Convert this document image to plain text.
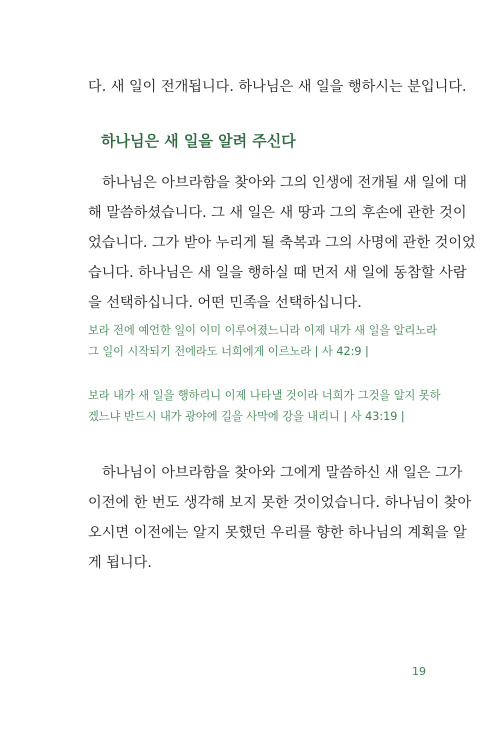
다. 새 일이 전개됩니다. 하나님은 새 일을 행하시는 분입니다.

하나님은 새 일을 알려 주신다

하나님은 아브라함을 찾아와 그의 인생에 전개될 새 일에 대
해 말씀하셨습니다. 그 새 일은 새 땅과 그의 후손에 관한 것이
었습니다. 그가 받아 누리게 될 축복과 그의 사명에 관한 것이었
습니다. 하나님은 새 일을 행하실 때 먼저 새 일에 동참할 사람
을 선택하십니다. 어떤 민족을 선택하십니다.

보라 전에 예언한 일이 이미 이루어졌느니라 이제 내가 새 일을 알리노라
그 일이 시작되기 전에라도 너희에게 이르노라 | 사 42:9 |

보라 내가 새 일을 행하리니 이제 나타낼 것이라 너희가 그것을 알지 못하
겠느냐 반드시 내가 광야에 길을 사막에 강을 내리니 | 사 43:19 |

하나님이 아브라함을 찾아와 그에게 말씀하신 새 일은 그가
이전에 한 번도 생각해 보지 못한 것이었습니다. 하나님이 찾아
오시면 이전에는 알지 못했던 우리를 향한 하나님의 계획을 알
게 됩니다.

19
